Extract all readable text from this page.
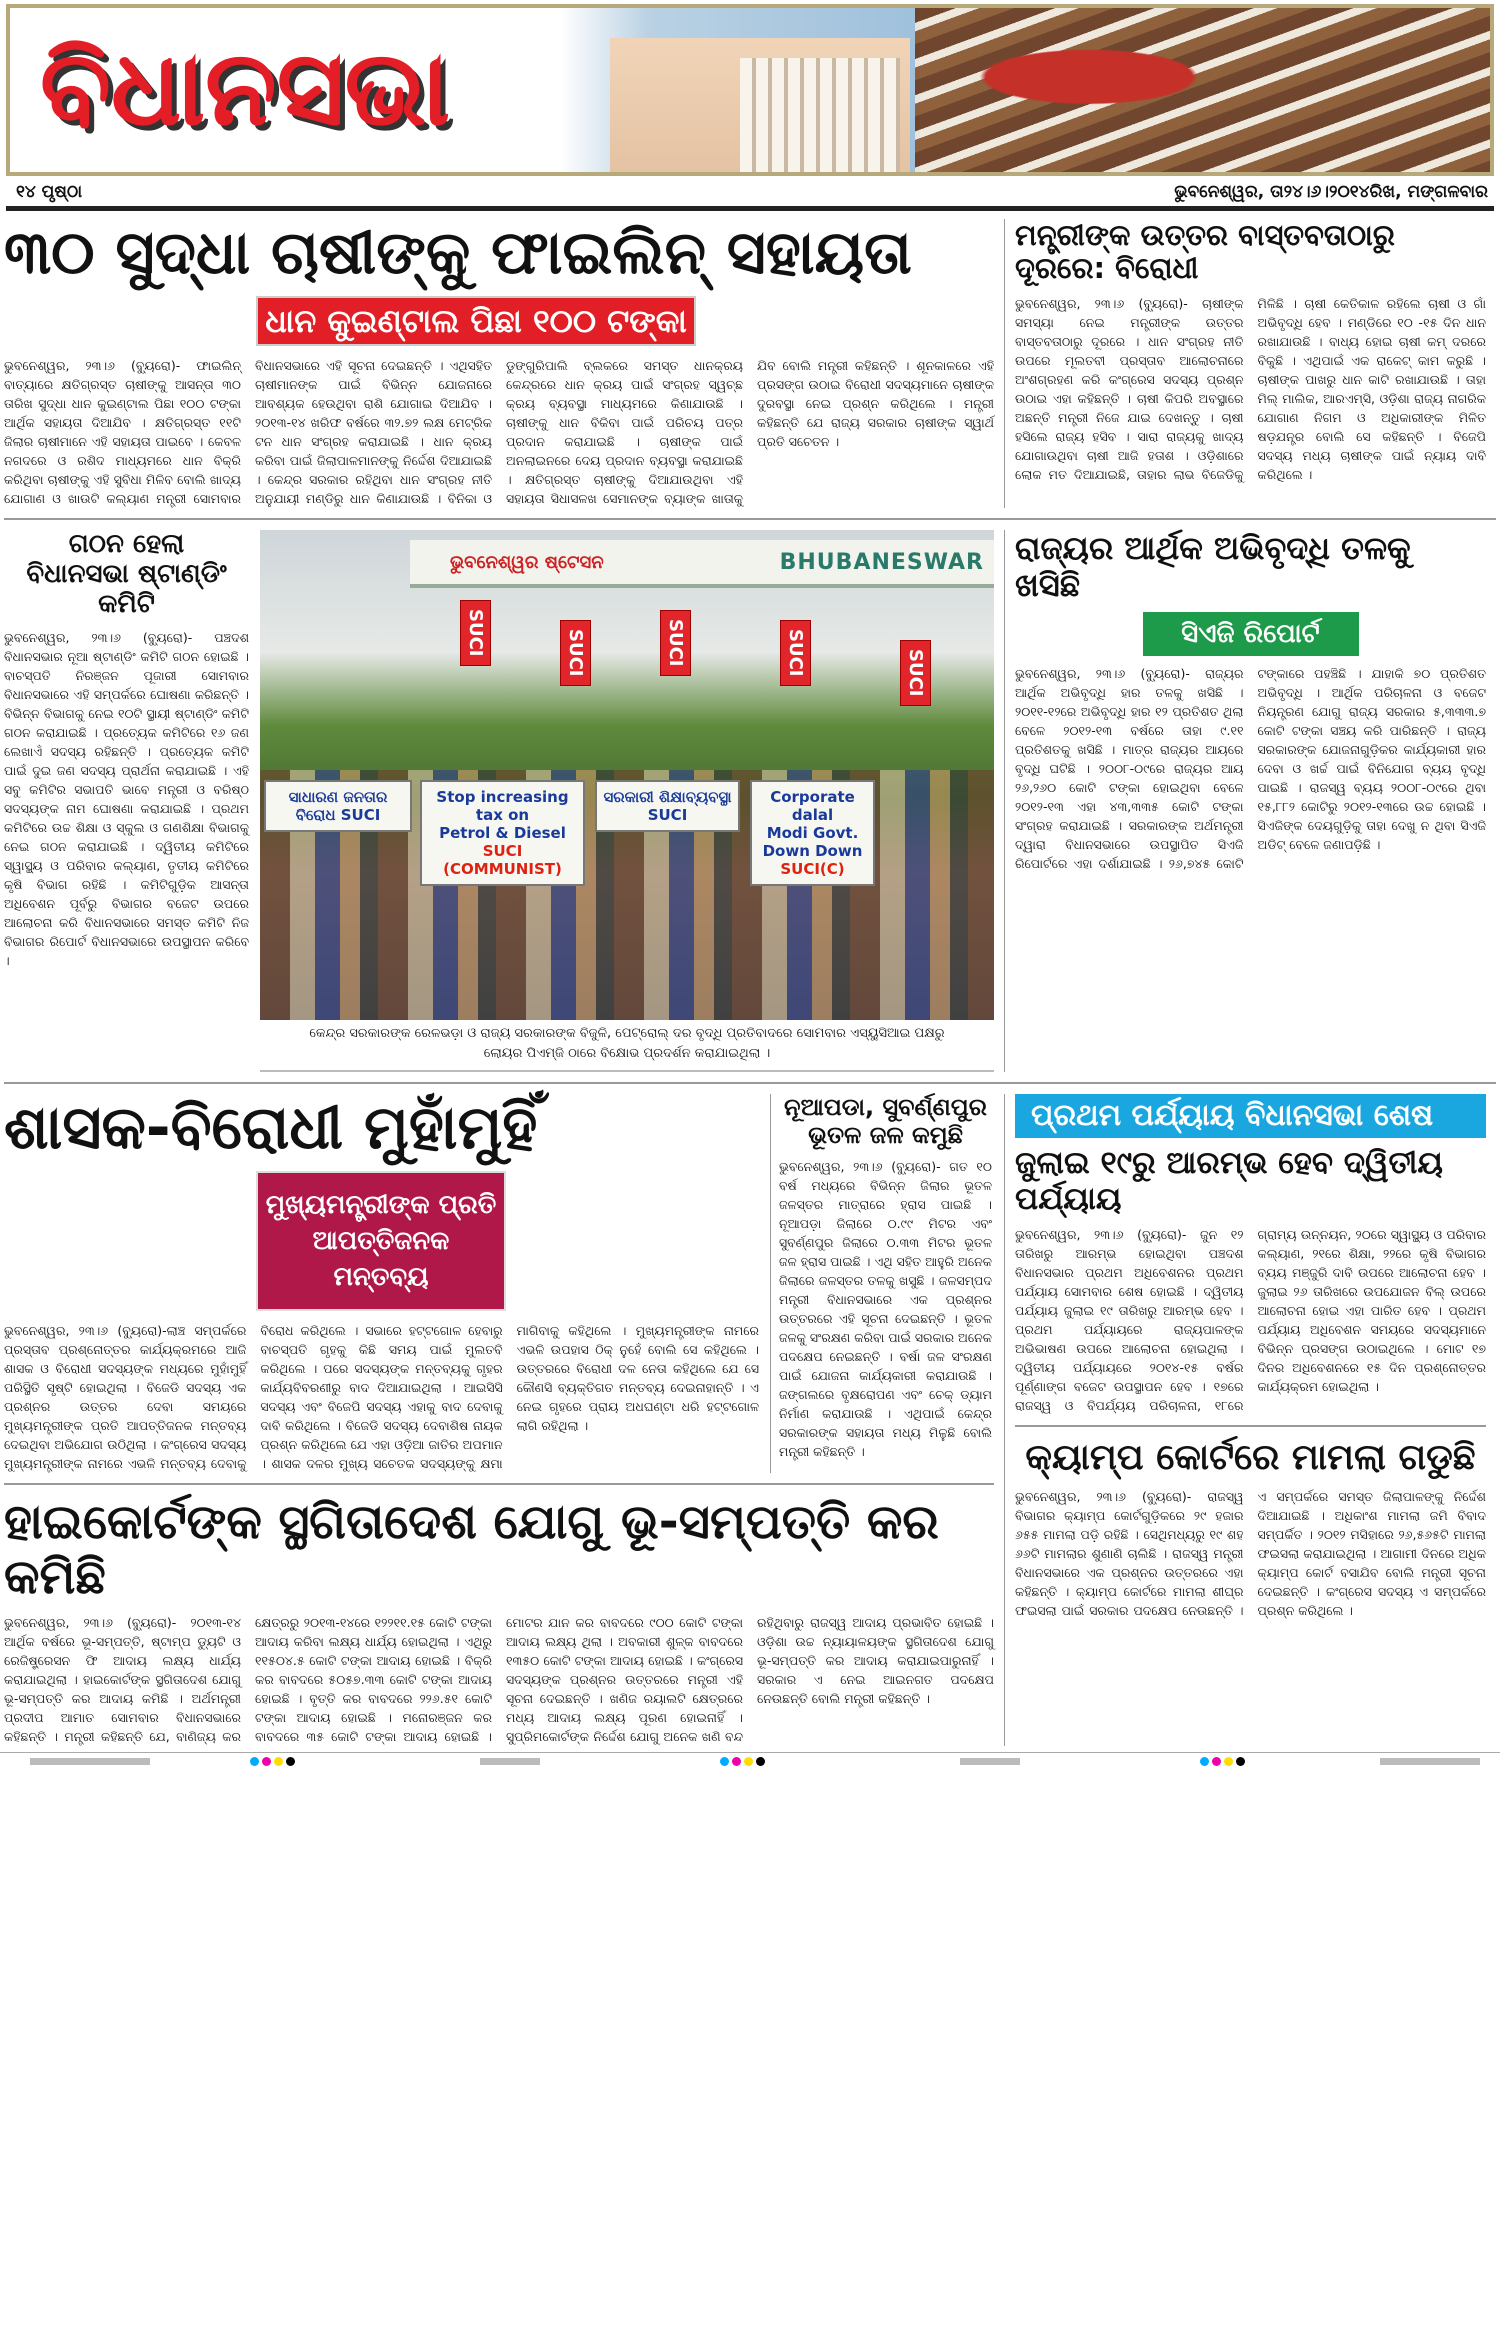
ବିଧାନସଭା
୧୪ ପୃଷ୍ଠା	ଭୁବନେଶ୍ୱର, ତା୨୪।୬।୨୦୧୪ରିଖ, ମଙ୍ଗଳବାର
୩୦ ସୁଦ୍ଧା ଚାଷୀଙ୍କୁ ଫାଇଲିନ୍ ସହାୟତା
ଧାନ କୁଇଣ୍ଟାଲ ପିଛା ୧୦୦ ଟଙ୍କା
ଭୁବନେଶ୍ୱର, ୨୩।୬ (ବ୍ୟୁରୋ)- ଫାଇଲିନ୍ ବାତ୍ୟାରେ କ୍ଷତିଗ୍ରସ୍ତ ଚାଷୀଙ୍କୁ ଆସନ୍ତା ୩୦ ତାରିଖ ସୁଦ୍ଧା ଧାନ କୁଇଣ୍ଟାଲ ପିଛା ୧୦୦ ଟଙ୍କା ଆର୍ଥିକ ସହାୟତା ଦିଆଯିବ । କ୍ଷତିଗ୍ରସ୍ତ ୧୧ଟି ଜିଲାର ଚାଷୀମାନେ ଏହି ସହାୟତା ପାଇବେ । କେବଳ ନଗଦରେ ଓ ରଶିଦ ମାଧ୍ୟମରେ ଧାନ ବିକ୍ରି କରିଥିବା ଚାଷୀଙ୍କୁ ଏହି ସୁବିଧା ମିଳିବ ବୋଲି ଖାଦ୍ୟ ଯୋଗାଣ ଓ ଖାଉଟି କଲ୍ୟାଣ ମନ୍ତ୍ରୀ ସୋମବାର ବିଧାନସଭାରେ ଏହି ସୂଚନା ଦେଇଛନ୍ତି । ଏଥିସହିତ ଚାଷୀମାନଙ୍କ ପାଇଁ ବିଭିନ୍ନ ଯୋଜନାରେ ଆବଶ୍ୟକ ହେଉଥିବା ରାଶି ଯୋଗାଇ ଦିଆଯିବ । ୨୦୧୩-୧୪ ଖରିଫ ବର୍ଷରେ ୩୨.୭୨ ଲକ୍ଷ ମେଟ୍ରିକ ଟନ ଧାନ ସଂଗ୍ରହ କରାଯାଇଛି । ଧାନ କ୍ରୟ କରିବା ପାଇଁ ଜିଲାପାଳମାନଙ୍କୁ ନିର୍ଦ୍ଦେଶ ଦିଆଯାଇଛି । କେନ୍ଦ୍ର ସରକାର ରହିଥିବା ଧାନ ସଂଗ୍ରହ ନୀତି ଅନୁଯାୟୀ ମଣ୍ଡିରୁ ଧାନ କିଣାଯାଉଛି । ବିନିକା ଓ ଡୁଙ୍ଗୁରିପାଲି ବ୍ଲକରେ ସମସ୍ତ ଧାନକ୍ରୟ କେନ୍ଦ୍ରରେ ଧାନ କ୍ରୟ ପାଇଁ ସଂଗ୍ରହ ସ୍ୱଚ୍ଛ କ୍ରୟ ବ୍ୟବସ୍ଥା ମାଧ୍ୟମରେ କିଣାଯାଉଛି । ଚାଷୀଙ୍କୁ ଧାନ ବିକିବା ପାଇଁ ପରିଚୟ ପତ୍ର ପ୍ରଦାନ କରାଯାଇଛି । ଚାଷୀଙ୍କ ପାଇଁ ଅନଲାଇନରେ ଦେୟ ପ୍ରଦାନ ବ୍ୟବସ୍ଥା କରାଯାଇଛି । କ୍ଷତିଗ୍ରସ୍ତ ଚାଷୀଙ୍କୁ ଦିଆଯାଉଥିବା ଏହି ସହାୟତା ସିଧାସଳଖ ସେମାନଙ୍କ ବ୍ୟାଙ୍କ ଖାତାକୁ ଯିବ ବୋଲି ମନ୍ତ୍ରୀ କହିଛନ୍ତି । ଶୂନକାଳରେ ଏହି ପ୍ରସଙ୍ଗ ଉଠାଇ ବିରୋଧୀ ସଦସ୍ୟମାନେ ଚାଷୀଙ୍କ ଦୁରବସ୍ଥା ନେଇ ପ୍ରଶ୍ନ କରିଥିଲେ । ମନ୍ତ୍ରୀ କହିଛନ୍ତି ଯେ ରାଜ୍ୟ ସରକାର ଚାଷୀଙ୍କ ସ୍ୱାର୍ଥ ପ୍ରତି ସଚେତନ ।
ମନ୍ତ୍ରୀଙ୍କ ଉତ୍ତର ବାସ୍ତବତାଠାରୁ ଦୂରରେ: ବିରୋଧୀ
ଭୁବନେଶ୍ୱର, ୨୩।୬ (ବ୍ୟୁରୋ)- ଚାଷୀଙ୍କ ସମସ୍ୟା ନେଇ ମନ୍ତ୍ରୀଙ୍କ ଉତ୍ତର ବାସ୍ତବତାଠାରୁ ଦୂରରେ । ଧାନ ସଂଗ୍ରହ ନୀତି ଉପରେ ମୂଲତବୀ ପ୍ରସ୍ତାବ ଆଲୋଚନାରେ ଅଂଶଗ୍ରହଣ କରି କଂଗ୍ରେସ ସଦସ୍ୟ ପ୍ରଶ୍ନ ଉଠାଇ ଏହା କହିଛନ୍ତି । ଚାଷୀ କିପରି ଅବସ୍ଥାରେ ଅଛନ୍ତି ମନ୍ତ୍ରୀ ନିଜେ ଯାଇ ଦେଖନ୍ତୁ । ଚାଷୀ ହସିଲେ ରାଜ୍ୟ ହସିବ । ସାରା ରାଜ୍ୟକୁ ଖାଦ୍ୟ ଯୋଗାଉଥିବା ଚାଷୀ ଆଜି ହତାଶ । ଓଡ଼ିଶାରେ ଲୋକ ମତ ଦିଆଯାଇଛି, ତାହାର ଲାଭ ବିଜେଡିକୁ ମିଳିଛି । ଚାଷୀ କେତିକାଳ ରହିଲେ ଚାଷୀ ଓ ଗାଁ ଅଭିବୃଦ୍ଧି ହେବ । ମଣ୍ଡିରେ ୧୦ -୧୫ ଦିନ ଧାନ ରଖାଯାଉଛି । ବାଧ୍ୟ ହୋଇ ଚାଷୀ କମ୍ ଦରରେ ବିକୁଛି । ଏଥିପାଇଁ ଏକ ରାକେଟ୍ କାମ କରୁଛି । ଚାଷୀଙ୍କ ପାଖରୁ ଧାନ କାଟି ରଖାଯାଉଛି । ତାହା ମିଲ୍ ମାଲିକ, ଆରଏମ୍‌ସି, ଓଡ଼ିଶା ରାଜ୍ୟ ନାଗରିକ ଯୋଗାଣ ନିଗମ ଓ ଅଧିକାରୀଙ୍କ ମିଳିତ ଷଡ଼ଯନ୍ତ୍ର ବୋଲି ସେ କହିଛନ୍ତି । ବିଜେପି ସଦସ୍ୟ ମଧ୍ୟ ଚାଷୀଙ୍କ ପାଇଁ ନ୍ୟାୟ ଦାବି କରିଥିଲେ ।
ଗଠନ ହେଲା
ବିଧାନସଭା ଷ୍ଟାଣ୍ଡିଂ କମିଟି
ଭୁବନେଶ୍ୱର, ୨୩।୬ (ବ୍ୟୁରୋ)- ପଞ୍ଚଦଶ ବିଧାନସଭାର ନୂଆ ଷ୍ଟାଣ୍ଡିଂ କମିଟି ଗଠନ ହୋଇଛି । ବାଚସ୍ପତି ନିରଞ୍ଜନ ପୂଜାରୀ ସୋମବାର ବିଧାନସଭାରେ ଏହି ସମ୍ପର୍କରେ ଘୋଷଣା କରିଛନ୍ତି । ବିଭିନ୍ନ ବିଭାଗକୁ ନେଇ ୧୦ଟି ସ୍ଥାୟୀ ଷ୍ଟାଣ୍ଡିଂ କମିଟି ଗଠନ କରାଯାଇଛି । ପ୍ରତ୍ୟେକ କମିଟିରେ ୧୬ ଜଣ ଲେଖାଏଁ ସଦସ୍ୟ ରହିଛନ୍ତି । ପ୍ରତ୍ୟେକ କମିଟି ପାଇଁ ଦୁଇ ଜଣ ସଦସ୍ୟ ପ୍ରାର୍ଥନା କରାଯାଇଛି । ଏହି ସବୁ କମିଟିର ସଭାପତି ଭାବେ ମନ୍ତ୍ରୀ ଓ ବରିଷ୍ଠ ସଦସ୍ୟଙ୍କ ନାମ ଘୋଷଣା କରାଯାଇଛି । ପ୍ରଥମ କମିଟିରେ ଉଚ୍ଚ ଶିକ୍ଷା ଓ ସ୍କୁଲ ଓ ଗଣଶିକ୍ଷା ବିଭାଗକୁ ନେଇ ଗଠନ କରାଯାଇଛି । ଦ୍ୱିତୀୟ କମିଟିରେ ସ୍ୱାସ୍ଥ୍ୟ ଓ ପରିବାର କଲ୍ୟାଣ, ତୃତୀୟ କମିଟିରେ କୃଷି ବିଭାଗ ରହିଛି । କମିଟିଗୁଡ଼ିକ ଆସନ୍ତା ଅଧିବେଶନ ପୂର୍ବରୁ ବିଭାଗର ବଜେଟ ଉପରେ ଆଲୋଚନା କରି ବିଧାନସଭାରେ ସମସ୍ତ କମିଟି ନିଜ ବିଭାଗର ରିପୋର୍ଟ ବିଧାନସଭାରେ ଉପସ୍ଥାପନ କରିବେ ।
ଭୁବନେଶ୍ୱର ଷ୍ଟେସନ	BHUBANESWAR
SUCI	SUCI	SUCI	SUCI	SUCI
ସାଧାରଣ ଜନତାର ବିରୋଧ SUCI
Stop increasing
tax on
Petrol & Diesel
SUCI (COMMUNIST)
ସରକାରୀ ଶିକ୍ଷାବ୍ୟବସ୍ଥା SUCI
Corporate
dalal
Modi Govt.
Down Down
SUCI(C)
କେନ୍ଦ୍ର ସରକାରଙ୍କ ରେଳଭଡ଼ା ଓ ରାଜ୍ୟ ସରକାରଙ୍କ ବିଜୁଳି, ପେଟ୍ରୋଲ୍ ଦର ବୃଦ୍ଧି ପ୍ରତିବାଦରେ ସୋମବାର ଏସ୍‌ୟୁସିଆଇ ପକ୍ଷରୁ ଲୋୟର ପିଏମ୍‌ଜି ଠାରେ ବିକ୍ଷୋଭ ପ୍ରଦର୍ଶନ କରାଯାଇଥିଲା ।
ରାଜ୍ୟର ଆର୍ଥିକ ଅଭିବୃଦ୍ଧି ତଳକୁ ଖସିଛି
ସିଏଜି ରିପୋର୍ଟ
ଭୁବନେଶ୍ୱର, ୨୩।୬ (ବ୍ୟୁରୋ)- ରାଜ୍ୟର ଆର୍ଥିକ ଅଭିବୃଦ୍ଧି ହାର ତଳକୁ ଖସିଛି । ୨୦୧୧-୧୨ରେ ଅଭିବୃଦ୍ଧି ହାର ୧୨ ପ୍ରତିଶତ ଥିଲା ବେଳେ ୨୦୧୨-୧୩ ବର୍ଷରେ ତାହା ୯.୧୧ ପ୍ରତିଶତକୁ ଖସିଛି । ମାତ୍ର ରାଜ୍ୟର ଆୟରେ ବୃଦ୍ଧି ଘଟିଛି । ୨୦୦୮-୦୯ରେ ରାଜ୍ୟର ଆୟ ୨୬,୨୬୦ କୋଟି ଟଙ୍କା ହୋଇଥିବା ବେଳେ ୨୦୧୨-୧୩ ଏହା ୪୩,୩୩୫ କୋଟି ଟଙ୍କା ସଂଗ୍ରହ କରାଯାଇଛି । ସରକାରଙ୍କ ଅର୍ଥମନ୍ତ୍ରୀ ଦ୍ୱାରା ବିଧାନସଭାରେ ଉପସ୍ଥାପିତ ସିଏଜି ରିପୋର୍ଟରେ ଏହା ଦର୍ଶାଯାଇଛି । ୨୬,୭୪୫ କୋଟି ଟଙ୍କାରେ ପହଞ୍ଚିଛି । ଯାହାକି ୭୦ ପ୍ରତିଶତ ଅଭିବୃଦ୍ଧି । ଆର୍ଥିକ ପରିଚାଳନା ଓ ବଜେଟ ନିୟନ୍ତ୍ରଣ ଯୋଗୁ ରାଜ୍ୟ ସରକାର ୫,୩୩୩.୭ କୋଟି ଟଙ୍କା ସଞ୍ଚୟ କରି ପାରିଛନ୍ତି । ରାଜ୍ୟ ସରକାରଙ୍କ ଯୋଜନାଗୁଡ଼ିକର କାର୍ଯ୍ୟକାରୀ ହାର ଦେବା ଓ ଖର୍ଚ୍ଚ ପାଇଁ ବିନିଯୋଗ ବ୍ୟୟ ବୃଦ୍ଧି ପାଇଛି । ରାଜସ୍ୱ ବ୍ୟୟ ୨୦୦୮-୦୯ରେ ଥିବା ୧୫,୮୮୨ କୋଟିରୁ ୨୦୧୨-୧୩ରେ ଉଚ୍ଚ ହୋଇଛି । ସିଏଜିଙ୍କ ଦେୟଗୁଡ଼ିକୁ ତାହା ଦେଖୁ ନ ଥିବା ସିଏଜି ଅଡିଟ୍ ବେଳେ ଜଣାପଡ଼ିଛି ।
ଶାସକ-ବିରୋଧୀ ମୁହାଁମୁହିଁ
ମୁଖ୍ୟମନ୍ତ୍ରୀଙ୍କ ପ୍ରତି ଆପତ୍ତିଜନକ ମନ୍ତବ୍ୟ
ଭୁବନେଶ୍ୱର, ୨୩।୬ (ବ୍ୟୁରୋ)-ଲାଞ୍ଚ ସମ୍ପର୍କରେ ପ୍ରସ୍ତାବ ପ୍ରଶ୍ନୋତ୍ତର କାର୍ଯ୍ୟକ୍ରମରେ ଆଜି ଶାସକ ଓ ବିରୋଧୀ ସଦସ୍ୟଙ୍କ ମଧ୍ୟରେ ମୁହାଁମୁହିଁ ପରିସ୍ଥିତି ସୃଷ୍ଟି ହୋଇଥିଲା । ବିଜେଡି ସଦସ୍ୟ ଏକ ପ୍ରଶ୍ନର ଉତ୍ତର ଦେବା ସମୟରେ ମୁଖ୍ୟମନ୍ତ୍ରୀଙ୍କ ପ୍ରତି ଆପତ୍ତିଜନକ ମନ୍ତବ୍ୟ ଦେଇଥିବା ଅଭିଯୋଗ ଉଠିଥିଲା । କଂଗ୍ରେସ ସଦସ୍ୟ ମୁଖ୍ୟମନ୍ତ୍ରୀଙ୍କ ନାମରେ ଏଭଳି ମନ୍ତବ୍ୟ ଦେବାକୁ ବିରୋଧ କରିଥିଲେ । ସଭାରେ ହଟ୍ଟଗୋଳ ହେବାରୁ ବାଚସ୍ପତି ଗୃହକୁ କିଛି ସମୟ ପାଇଁ ମୁଲତବି କରିଥିଲେ । ପରେ ସଦସ୍ୟଙ୍କ ମନ୍ତବ୍ୟକୁ ଗୃହର କାର୍ଯ୍ୟବିବରଣୀରୁ ବାଦ ଦିଆଯାଇଥିଲା । ଆଇସିସି ସଦସ୍ୟ ଏବଂ ବିଜେପି ସଦସ୍ୟ ଏହାକୁ ବାଦ ଦେବାକୁ ଦାବି କରିଥିଲେ । ବିଜେଡି ସଦସ୍ୟ ଦେବାଶିଷ ନାୟକ ପ୍ରଶ୍ନ କରିଥିଲେ ଯେ ଏହା ଓଡ଼ିଆ ଜାତିର ଅପମାନ । ଶାସକ ଦଳର ମୁଖ୍ୟ ସଚେତକ ସଦସ୍ୟଙ୍କୁ କ୍ଷମା ମାଗିବାକୁ କହିଥିଲେ । ମୁଖ୍ୟମନ୍ତ୍ରୀଙ୍କ ନାମରେ ଏଭଳି ଉପହାସ ଠିକ୍ ନୁହେଁ ବୋଲି ସେ କହିଥିଲେ । ଉତ୍ତରରେ ବିରୋଧୀ ଦଳ ନେତା କହିଥିଲେ ଯେ ସେ କୌଣସି ବ୍ୟକ୍ତିଗତ ମନ୍ତବ୍ୟ ଦେଇନାହାନ୍ତି । ଏ ନେଇ ଗୃହରେ ପ୍ରାୟ ଅଧଘଣ୍ଟା ଧରି ହଟ୍ଟଗୋଳ ଲାଗି ରହିଥିଲା ।
ନୂଆପଡା, ସୁବର୍ଣ୍ଣପୁର
ଭୂତଳ ଜଳ କମୁଛି
ଭୁବନେଶ୍ୱର, ୨୩।୬ (ବ୍ୟୁରୋ)- ଗତ ୧୦ ବର୍ଷ ମଧ୍ୟରେ ବିଭିନ୍ନ ଜିଲାର ଭୂତଳ ଜଳସ୍ତର ମାତ୍ରାରେ ହ୍ରାସ ପାଇଛି । ନୂଆପଡ଼ା ଜିଲାରେ ୦.୯୯ ମିଟର ଏବଂ ସୁବର୍ଣ୍ଣପୁର ଜିଲାରେ ୦.୩୩ ମିଟର ଭୂତଳ ଜଳ ହ୍ରାସ ପାଇଛି । ଏଥି ସହିତ ଆହୁରି ଅନେକ ଜିଲାରେ ଜଳସ୍ତର ତଳକୁ ଖସୁଛି । ଜଳସମ୍ପଦ ମନ୍ତ୍ରୀ ବିଧାନସଭାରେ ଏକ ପ୍ରଶ୍ନର ଉତ୍ତରରେ ଏହି ସୂଚନା ଦେଇଛନ୍ତି । ଭୂତଳ ଜଳକୁ ସଂରକ୍ଷଣ କରିବା ପାଇଁ ସରକାର ଅନେକ ପଦକ୍ଷେପ ନେଇଛନ୍ତି । ବର୍ଷା ଜଳ ସଂରକ୍ଷଣ ପାଇଁ ଯୋଜନା କାର୍ଯ୍ୟକାରୀ କରାଯାଉଛି । ଜଙ୍ଗଲରେ ବୃକ୍ଷରୋପଣ ଏବଂ ଚେକ୍ ଡ୍ୟାମ ନିର୍ମାଣ କରାଯାଉଛି । ଏଥିପାଇଁ କେନ୍ଦ୍ର ସରକାରଙ୍କ ସହାୟତା ମଧ୍ୟ ମିଳୁଛି ବୋଲି ମନ୍ତ୍ରୀ କହିଛନ୍ତି ।
ହାଇକୋର୍ଟଙ୍କ ସ୍ଥଗିତାଦେଶ ଯୋଗୁ ଭୂ-ସମ୍ପତ୍ତି କର କମିଛି
ଭୁବନେଶ୍ୱର, ୨୩।୬ (ବ୍ୟୁରୋ)- ୨୦୧୩-୧୪ ଆର୍ଥିକ ବର୍ଷରେ ଭୂ-ସମ୍ପତ୍ତି, ଷ୍ଟାମ୍ପ ଡ୍ୟୁଟି ଓ ରେଜିଷ୍ଟ୍ରେସନ ଫି ଆଦାୟ ଲକ୍ଷ୍ୟ ଧାର୍ଯ୍ୟ କରାଯାଇଥିଲା । ହାଇକୋର୍ଟଙ୍କ ସ୍ଥଗିତାଦେଶ ଯୋଗୁ ଭୂ-ସମ୍ପତ୍ତି କର ଆଦାୟ କମିଛି । ଅର୍ଥମନ୍ତ୍ରୀ ପ୍ରଦୀପ ଆମାତ ସୋମବାର ବିଧାନସଭାରେ କହିଛନ୍ତି । ମନ୍ତ୍ରୀ କହିଛନ୍ତି ଯେ, ବାଣିଜ୍ୟ କର କ୍ଷେତ୍ରରୁ ୨୦୧୩-୧୪ରେ ୧୨୨୧୧.୧୫ କୋଟି ଟଙ୍କା ଆଦାୟ କରିବା ଲକ୍ଷ୍ୟ ଧାର୍ଯ୍ୟ ହୋଇଥିଲା । ଏଥିରୁ ୧୧୫୦୪.୫ କୋଟି ଟଙ୍କା ଆଦାୟ ହୋଇଛି । ବିକ୍ରି କର ବାବଦରେ ୫୦୫୭.୩୩ କୋଟି ଟଙ୍କା ଆଦାୟ ହୋଇଛି । ବୃତ୍ତି କର ବାବଦରେ ୨୨୬.୫୧ କୋଟି ଟଙ୍କା ଆଦାୟ ହୋଇଛି । ମନୋରଞ୍ଜନ କର ବାବଦରେ ୩୫ କୋଟି ଟଙ୍କା ଆଦାୟ ହୋଇଛି । ମୋଟର ଯାନ କର ବାବଦରେ ୯୦୦ କୋଟି ଟଙ୍କା ଆଦାୟ ଲକ୍ଷ୍ୟ ଥିଲା । ଅବକାରୀ ଶୁଳ୍କ ବାବଦରେ ୧୩୫୦ କୋଟି ଟଙ୍କା ଆଦାୟ ହୋଇଛି । କଂଗ୍ରେସ ସଦସ୍ୟଙ୍କ ପ୍ରଶ୍ନର ଉତ୍ତରରେ ମନ୍ତ୍ରୀ ଏହି ସୂଚନା ଦେଇଛନ୍ତି । ଖଣିଜ ରୟାଲଟି କ୍ଷେତ୍ରରେ ମଧ୍ୟ ଆଦାୟ ଲକ୍ଷ୍ୟ ପୂରଣ ହୋଇନାହିଁ । ସୁପ୍ରିମକୋର୍ଟଙ୍କ ନିର୍ଦ୍ଦେଶ ଯୋଗୁ ଅନେକ ଖଣି ବନ୍ଦ ରହିଥିବାରୁ ରାଜସ୍ୱ ଆଦାୟ ପ୍ରଭାବିତ ହୋଇଛି । ଓଡ଼ିଶା ଉଚ୍ଚ ନ୍ୟାୟାଳୟଙ୍କ ସ୍ଥଗିତାଦେଶ ଯୋଗୁ ଭୂ-ସମ୍ପତ୍ତି କର ଆଦାୟ କରାଯାଇପାରୁନାହିଁ । ସରକାର ଏ ନେଇ ଆଇନଗତ ପଦକ୍ଷେପ ନେଉଛନ୍ତି ବୋଲି ମନ୍ତ୍ରୀ କହିଛନ୍ତି ।
ପ୍ରଥମ ପର୍ଯ୍ୟାୟ ବିଧାନସଭା ଶେଷ
ଜୁଲାଇ ୧୯ରୁ ଆରମ୍ଭ ହେବ ଦ୍ୱିତୀୟ ପର୍ଯ୍ୟାୟ
ଭୁବନେଶ୍ୱର, ୨୩।୬ (ବ୍ୟୁରୋ)- ଜୁନ ୧୨ ତାରିଖରୁ ଆରମ୍ଭ ହୋଇଥିବା ପଞ୍ଚଦଶ ବିଧାନସଭାର ପ୍ରଥମ ଅଧିବେଶନର ପ୍ରଥମ ପର୍ଯ୍ୟାୟ ସୋମବାର ଶେଷ ହୋଇଛି । ଦ୍ୱିତୀୟ ପର୍ଯ୍ୟାୟ ଜୁଲାଇ ୧୯ ତାରିଖରୁ ଆରମ୍ଭ ହେବ । ପ୍ରଥମ ପର୍ଯ୍ୟାୟରେ ରାଜ୍ୟପାଳଙ୍କ ଅଭିଭାଷଣ ଉପରେ ଆଲୋଚନା ହୋଇଥିଲା । ଦ୍ୱିତୀୟ ପର୍ଯ୍ୟାୟରେ ୨୦୧୪-୧୫ ବର୍ଷର ପୂର୍ଣ୍ଣାଙ୍ଗ ବଜେଟ ଉପସ୍ଥାପନ ହେବ । ୧୭ରେ ରାଜସ୍ୱ ଓ ବିପର୍ଯ୍ୟୟ ପରିଚାଳନା, ୧୮ରେ ଗ୍ରାମ୍ୟ ଉନ୍ନୟନ, ୨୦ରେ ସ୍ୱାସ୍ଥ୍ୟ ଓ ପରିବାର କଲ୍ୟାଣ, ୨୧ରେ ଶିକ୍ଷା, ୨୨ରେ କୃଷି ବିଭାଗର ବ୍ୟୟ ମଞ୍ଜୁରି ଦାବି ଉପରେ ଆଲୋଚନା ହେବ । ଜୁଲାଇ ୨୬ ତାରିଖରେ ଉପଯୋଜନ ବିଲ୍ ଉପରେ ଆଲୋଚନା ହୋଇ ଏହା ପାରିତ ହେବ । ପ୍ରଥମ ପର୍ଯ୍ୟାୟ ଅଧିବେଶନ ସମୟରେ ସଦସ୍ୟମାନେ ବିଭିନ୍ନ ପ୍ରସଙ୍ଗ ଉଠାଇଥିଲେ । ମୋଟ ୧୭ ଦିନର ଅଧିବେଶନରେ ୧୫ ଦିନ ପ୍ରଶ୍ନୋତ୍ତର କାର୍ଯ୍ୟକ୍ରମ ହୋଇଥିଲା ।
କ୍ୟାମ୍ପ କୋର୍ଟରେ ମାମଲା ଗଡୁଛି
ଭୁବନେଶ୍ୱର, ୨୩।୬ (ବ୍ୟୁରୋ)- ରାଜସ୍ୱ ବିଭାଗର କ୍ୟାମ୍ପ କୋର୍ଟଗୁଡ଼ିକରେ ୨୯ ହଜାର ୬୫୫ ମାମଲା ପଡ଼ି ରହିଛି । ସେଥିମଧ୍ୟରୁ ୧୯ ଶହ ୬୬ଟି ମାମଲାର ଶୁଣାଣି ଚାଲିଛି । ରାଜସ୍ୱ ମନ୍ତ୍ରୀ ବିଧାନସଭାରେ ଏକ ପ୍ରଶ୍ନର ଉତ୍ତରରେ ଏହା କହିଛନ୍ତି । କ୍ୟାମ୍ପ କୋର୍ଟରେ ମାମଲା ଶୀଘ୍ର ଫଇସଲା ପାଇଁ ସରକାର ପଦକ୍ଷେପ ନେଉଛନ୍ତି । ଏ ସମ୍ପର୍କରେ ସମସ୍ତ ଜିଲାପାଳଙ୍କୁ ନିର୍ଦ୍ଦେଶ ଦିଆଯାଇଛି । ଅଧିକାଂଶ ମାମଲା ଜମି ବିବାଦ ସମ୍ପର୍କିତ । ୨୦୧୨ ମସିହାରେ ୨୬,୫୬୫ଟି ମାମଲା ଫଇସଲା କରାଯାଇଥିଲା । ଆଗାମୀ ଦିନରେ ଅଧିକ କ୍ୟାମ୍ପ କୋର୍ଟ ବସାଯିବ ବୋଲି ମନ୍ତ୍ରୀ ସୂଚନା ଦେଇଛନ୍ତି । କଂଗ୍ରେସ ସଦସ୍ୟ ଏ ସମ୍ପର୍କରେ ପ୍ରଶ୍ନ କରିଥିଲେ ।
